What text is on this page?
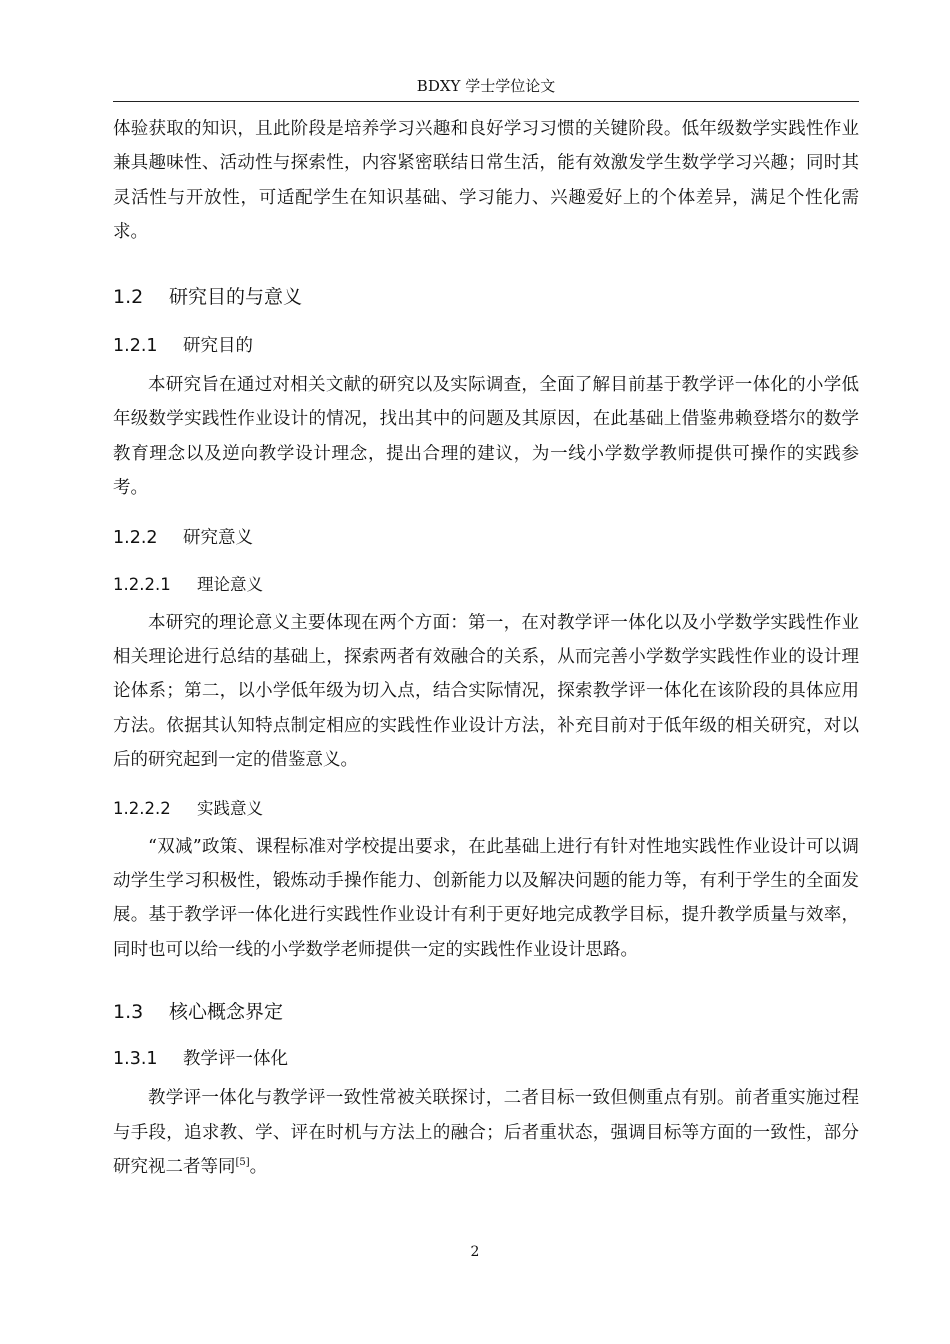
BDXY 学士学位论文

体验获取的知识，且此阶段是培养学习兴趣和良好学习习惯的关键阶段。低年级数学实践性作业兼具趣味性、活动性与探索性，内容紧密联结日常生活，能有效激发学生数学学习兴趣；同时其灵活性与开放性，可适配学生在知识基础、学习能力、兴趣爱好上的个体差异，满足个性化需求。

1.2 研究目的与意义
1.2.1 研究目的

本研究旨在通过对相关文献的研究以及实际调查，全面了解目前基于教学评一体化的小学低年级数学实践性作业设计的情况，找出其中的问题及其原因，在此基础上借鉴弗赖登塔尔的数学教育理念以及逆向教学设计理念，提出合理的建议，为一线小学数学教师提供可操作的实践参考。

1.2.2 研究意义
1.2.2.1 理论意义

本研究的理论意义主要体现在两个方面：第一，在对教学评一体化以及小学数学实践性作业相关理论进行总结的基础上，探索两者有效融合的关系，从而完善小学数学实践性作业的设计理论体系；第二，以小学低年级为切入点，结合实际情况，探索教学评一体化在该阶段的具体应用方法。依据其认知特点制定相应的实践性作业设计方法，补充目前对于低年级的相关研究，对以后的研究起到一定的借鉴意义。

1.2.2.2 实践意义

“双减”政策、课程标准对学校提出要求，在此基础上进行有针对性地实践性作业设计可以调动学生学习积极性，锻炼动手操作能力、创新能力以及解决问题的能力等，有利于学生的全面发展。基于教学评一体化进行实践性作业设计有利于更好地完成教学目标，提升教学质量与效率，同时也可以给一线的小学数学老师提供一定的实践性作业设计思路。

1.3 核心概念界定
1.3.1 教学评一体化

教学评一体化与教学评一致性常被关联探讨，二者目标一致但侧重点有别。前者重实施过程与手段，追求教、学、评在时机与方法上的融合；后者重状态，强调目标等方面的一致性，部分研究视二者等同[5]。

2
